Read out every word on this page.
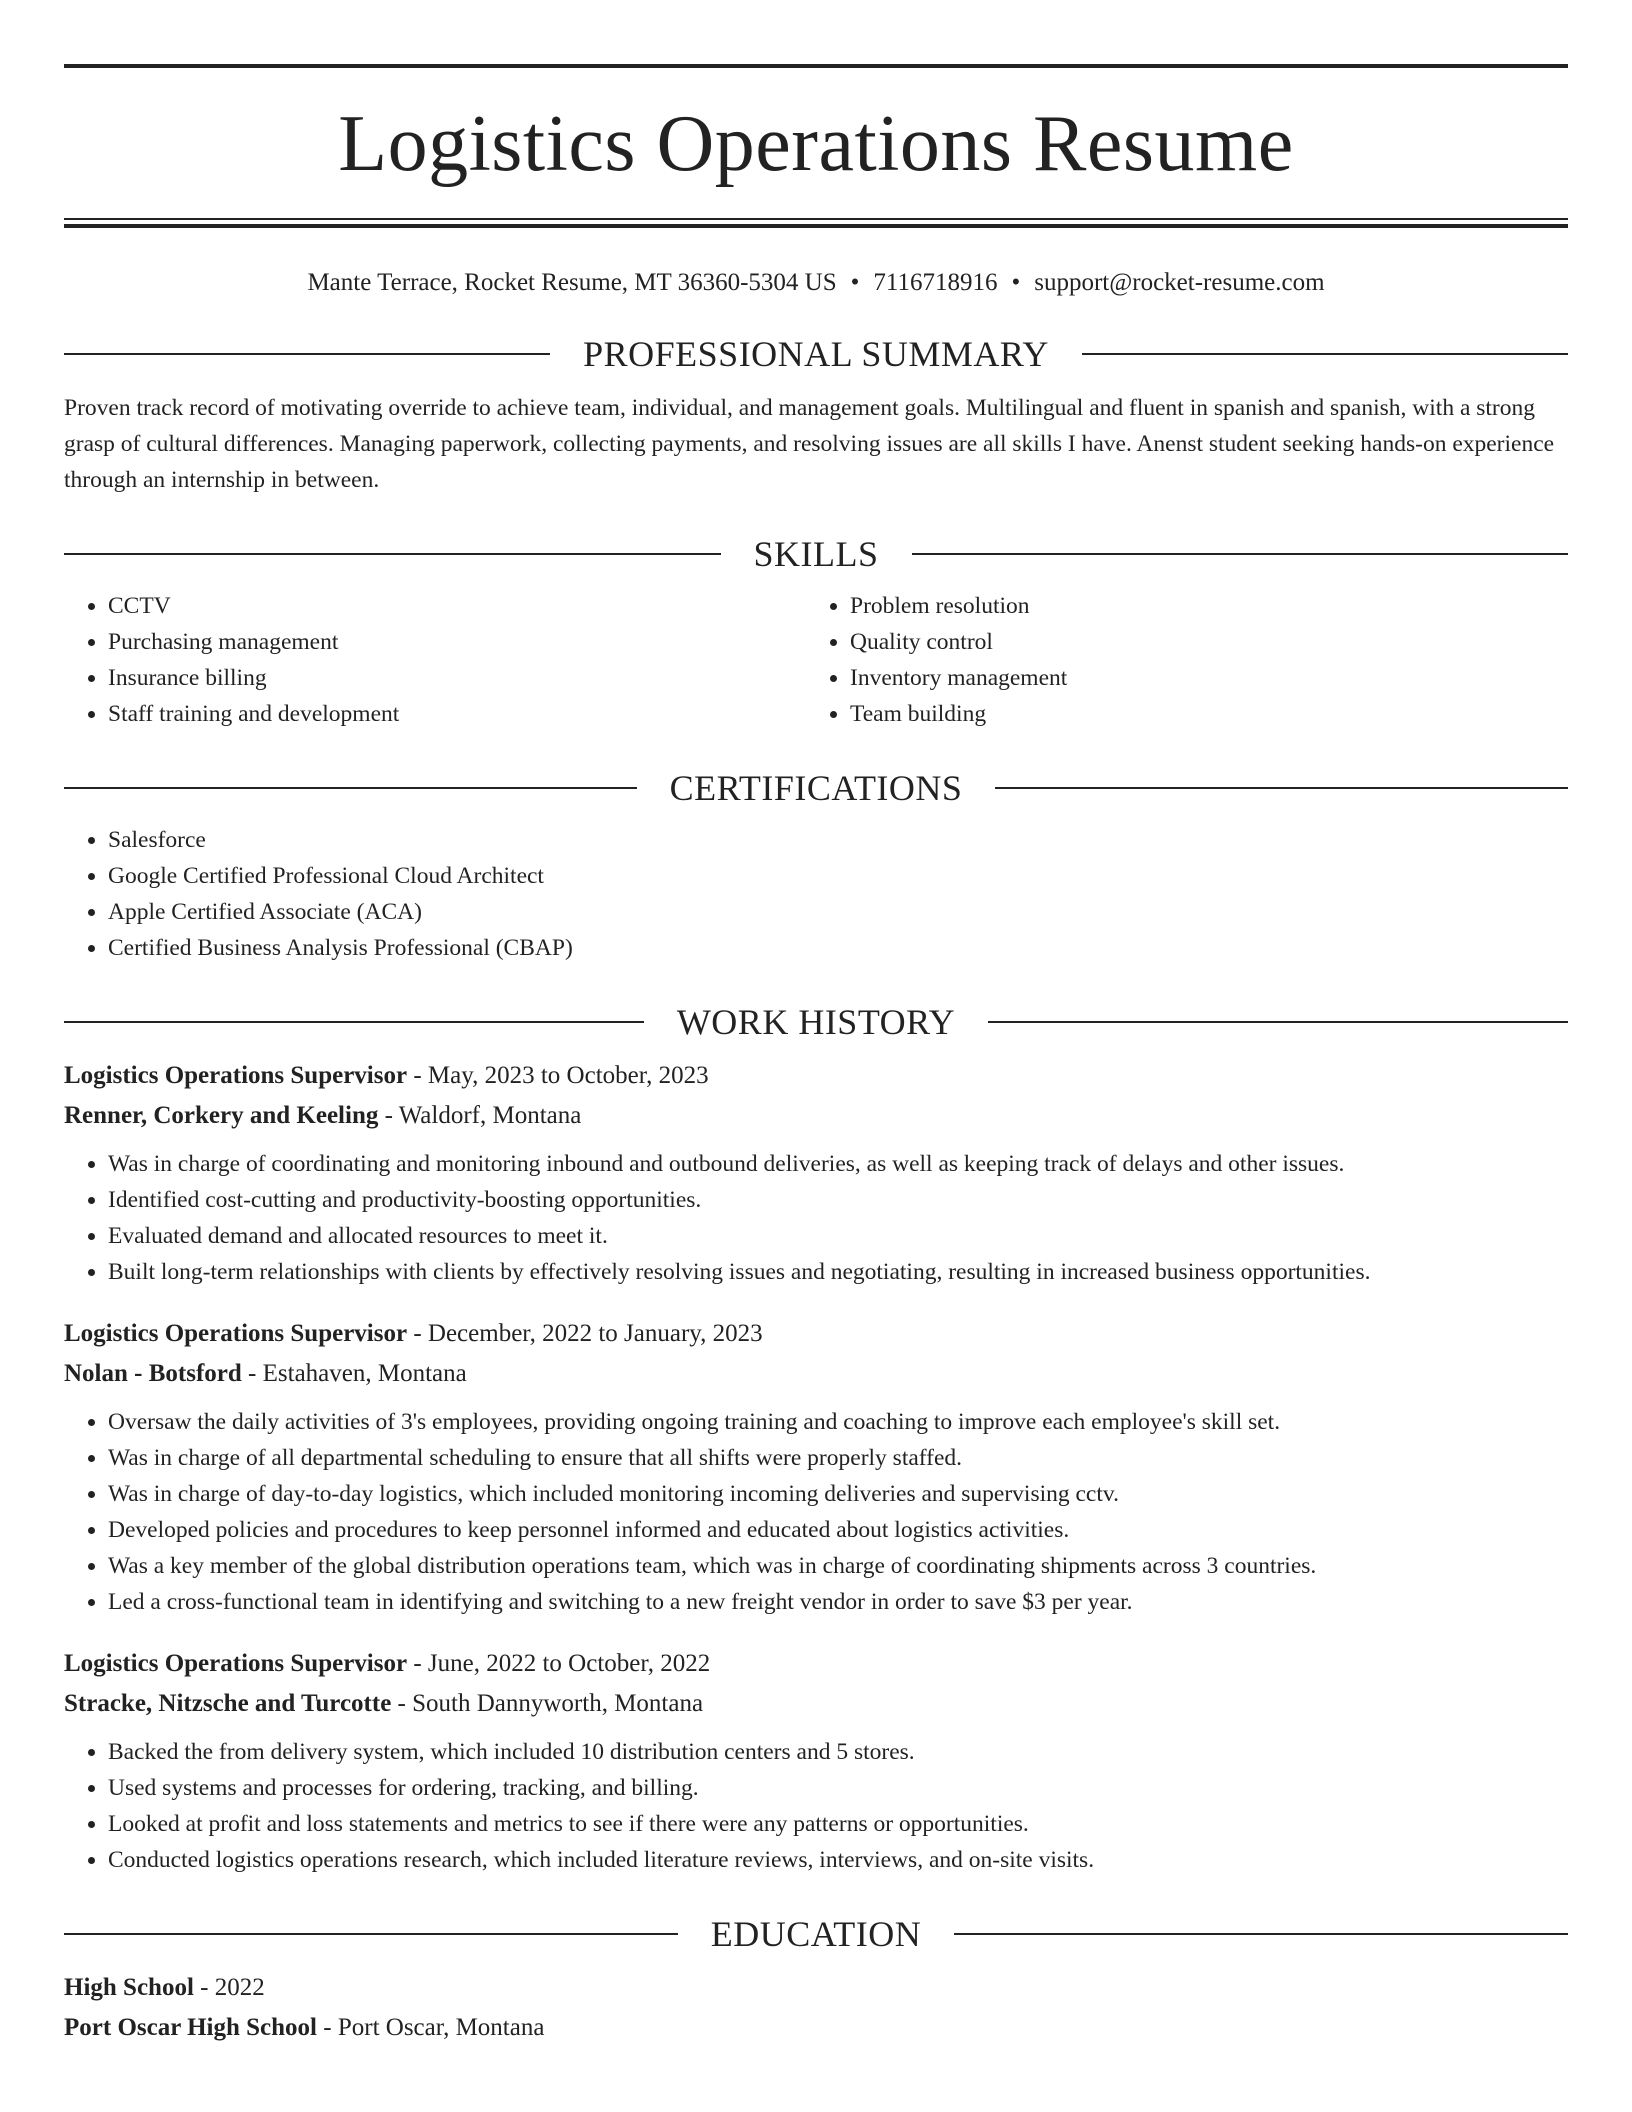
Logistics Operations Resume
Mante Terrace, Rocket Resume, MT 36360-5304 US • 7116718916 • support@rocket-resume.com
PROFESSIONAL SUMMARY
Proven track record of motivating override to achieve team, individual, and management goals. Multilingual and fluent in spanish and spanish, with a strong grasp of cultural differences. Managing paperwork, collecting payments, and resolving issues are all skills I have. Anenst student seeking hands-on experience through an internship in between.
SKILLS
• CCTV
• Purchasing management
• Insurance billing
• Staff training and development
• Problem resolution
• Quality control
• Inventory management
• Team building
CERTIFICATIONS
• Salesforce
• Google Certified Professional Cloud Architect
• Apple Certified Associate (ACA)
• Certified Business Analysis Professional (CBAP)
WORK HISTORY
Logistics Operations Supervisor - May, 2023 to October, 2023
Renner, Corkery and Keeling - Waldorf, Montana
• Was in charge of coordinating and monitoring inbound and outbound deliveries, as well as keeping track of delays and other issues.
• Identified cost-cutting and productivity-boosting opportunities.
• Evaluated demand and allocated resources to meet it.
• Built long-term relationships with clients by effectively resolving issues and negotiating, resulting in increased business opportunities.
Logistics Operations Supervisor - December, 2022 to January, 2023
Nolan - Botsford - Estahaven, Montana
• Oversaw the daily activities of 3's employees, providing ongoing training and coaching to improve each employee's skill set.
• Was in charge of all departmental scheduling to ensure that all shifts were properly staffed.
• Was in charge of day-to-day logistics, which included monitoring incoming deliveries and supervising cctv.
• Developed policies and procedures to keep personnel informed and educated about logistics activities.
• Was a key member of the global distribution operations team, which was in charge of coordinating shipments across 3 countries.
• Led a cross-functional team in identifying and switching to a new freight vendor in order to save $3 per year.
Logistics Operations Supervisor - June, 2022 to October, 2022
Stracke, Nitzsche and Turcotte - South Dannyworth, Montana
• Backed the from delivery system, which included 10 distribution centers and 5 stores.
• Used systems and processes for ordering, tracking, and billing.
• Looked at profit and loss statements and metrics to see if there were any patterns or opportunities.
• Conducted logistics operations research, which included literature reviews, interviews, and on-site visits.
EDUCATION
High School - 2022
Port Oscar High School - Port Oscar, Montana
